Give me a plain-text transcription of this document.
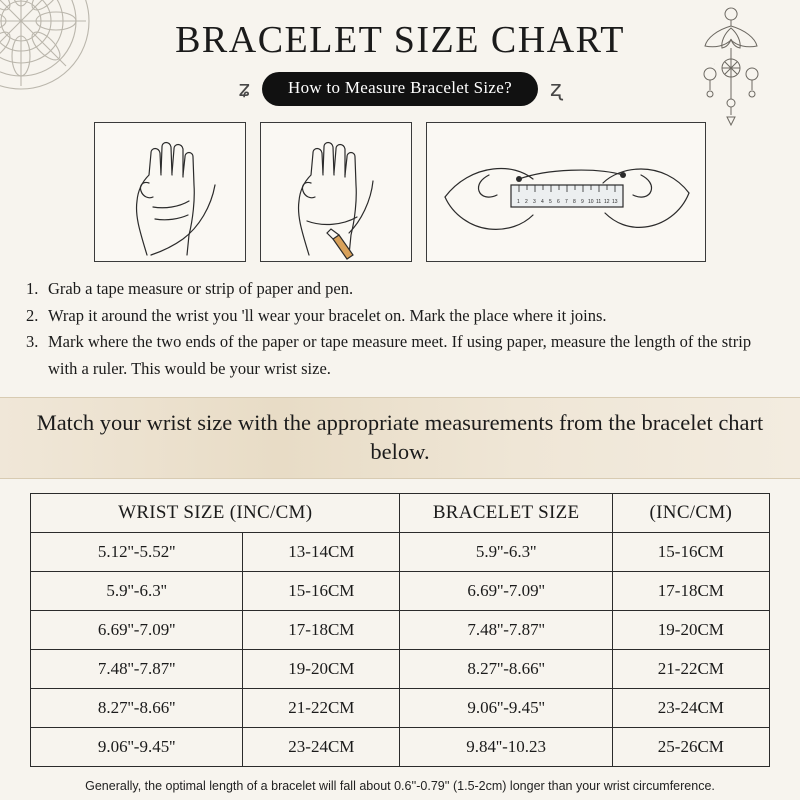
BRACELET SIZE CHART
ʑ	How to Measure Bracelet Size?	ʐ
1 2 3 4 5 6 7 8 9 10 11 12 13
1. Grab a tape measure or strip of paper and pen.
2. Wrap it around the wrist you 'll wear your bracelet on. Mark the place where it joins.
3. Mark where the two ends of the paper or tape measure meet. If using paper, measure the length of the strip with a ruler. This would be your wrist size.
Match your wrist size with the appropriate measurements from the bracelet chart below.
WRIST SIZE (INC/CM)		BRACELET SIZE	(INC/CM)
5.12''-5.52''	13-14CM	5.9''-6.3''	15-16CM
5.9''-6.3''	15-16CM	6.69''-7.09''	17-18CM
6.69''-7.09''	17-18CM	7.48''-7.87''	19-20CM
7.48''-7.87''	19-20CM	8.27''-8.66''	21-22CM
8.27''-8.66''	21-22CM	9.06''-9.45''	23-24CM
9.06''-9.45''	23-24CM	9.84''-10.23	25-26CM
Generally, the optimal length of a bracelet will fall about 0.6''-0.79'' (1.5-2cm) longer than your wrist circumference.
